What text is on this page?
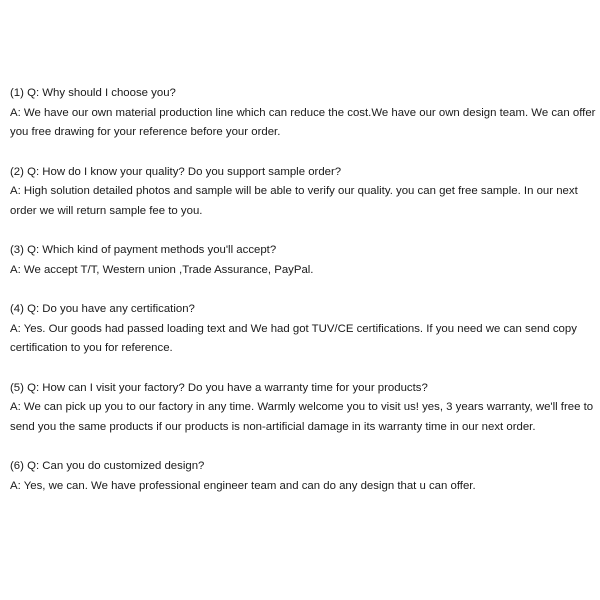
(1) Q: Why should I choose you?

A: We have our own material production line which can reduce the cost.We have our own design team. We can offer you free drawing for your reference before your order.

(2) Q: How do I know your quality? Do you support sample order?

A: High solution detailed photos and sample will be able to verify our quality. you can get free sample. In our next order we will return sample fee to you.

(3) Q: Which kind of payment methods you'll accept?

A: We accept T/T, Western union ,Trade Assurance, PayPal.

(4) Q: Do you have any certification?

A: Yes. Our goods had passed loading text and We had got TUV/CE certifications. If you need we can send copy certification to you for reference.

(5) Q: How can I visit your factory? Do you have a warranty time for your products?

A: We can pick up you to our factory in any time. Warmly welcome you to visit us! yes, 3 years warranty, we'll free to send you the same products if our products is non-artificial damage in its warranty time in our next order.

(6) Q: Can you do customized design?

A: Yes, we can. We have professional engineer team and can do any design that u can offer.
